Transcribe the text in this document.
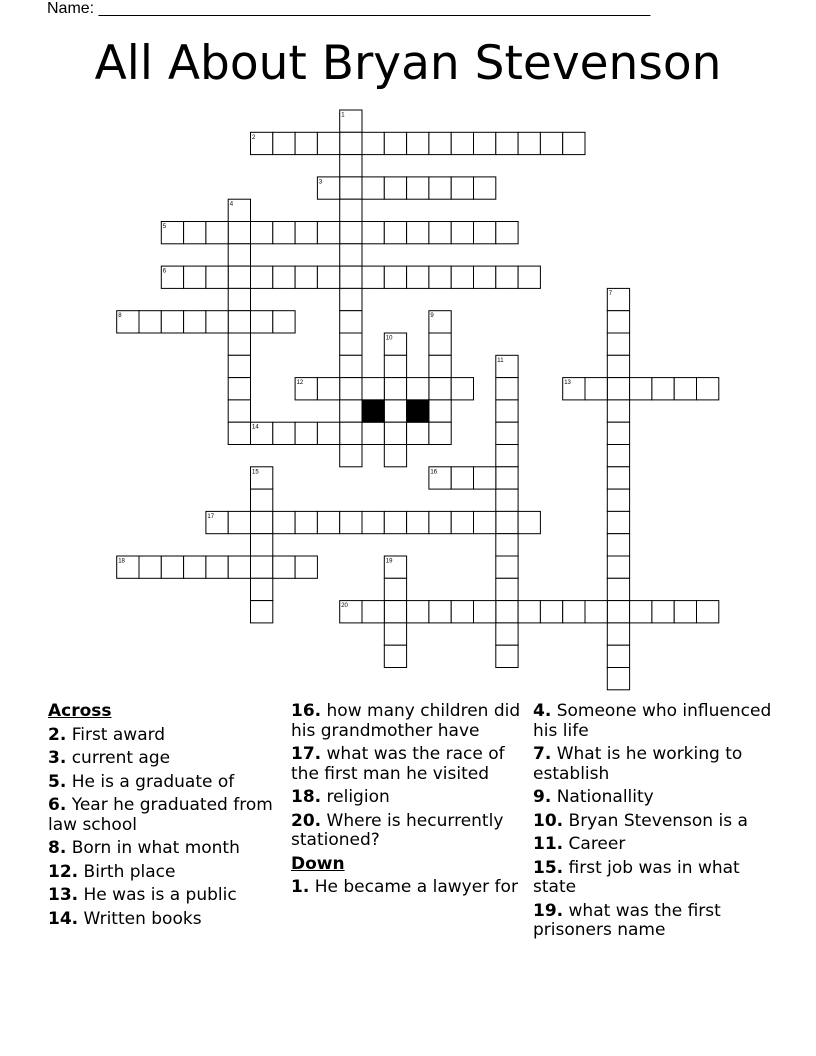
Name: ______________________________________________________________
All About Bryan Stevenson
1
2
3
4
5
6
7
8	9
10
11
12	13
14
15	16
17
18	19
20
Across
2. First award
3. current age
5. He is a graduate of
6. Year he graduated from law school
8. Born in what month
12. Birth place
13. He was is a public
14. Written books
16. how many children did his grandmother have
17. what was the race of the first man he visited
18. religion
20. Where is hecurrently stationed?
Down
1. He became a lawyer for
4. Someone who influenced his life
7. What is he working to establish
9. Nationallity
10. Bryan Stevenson is a
11. Career
15. first job was in what state
19. what was the first prisoners name
